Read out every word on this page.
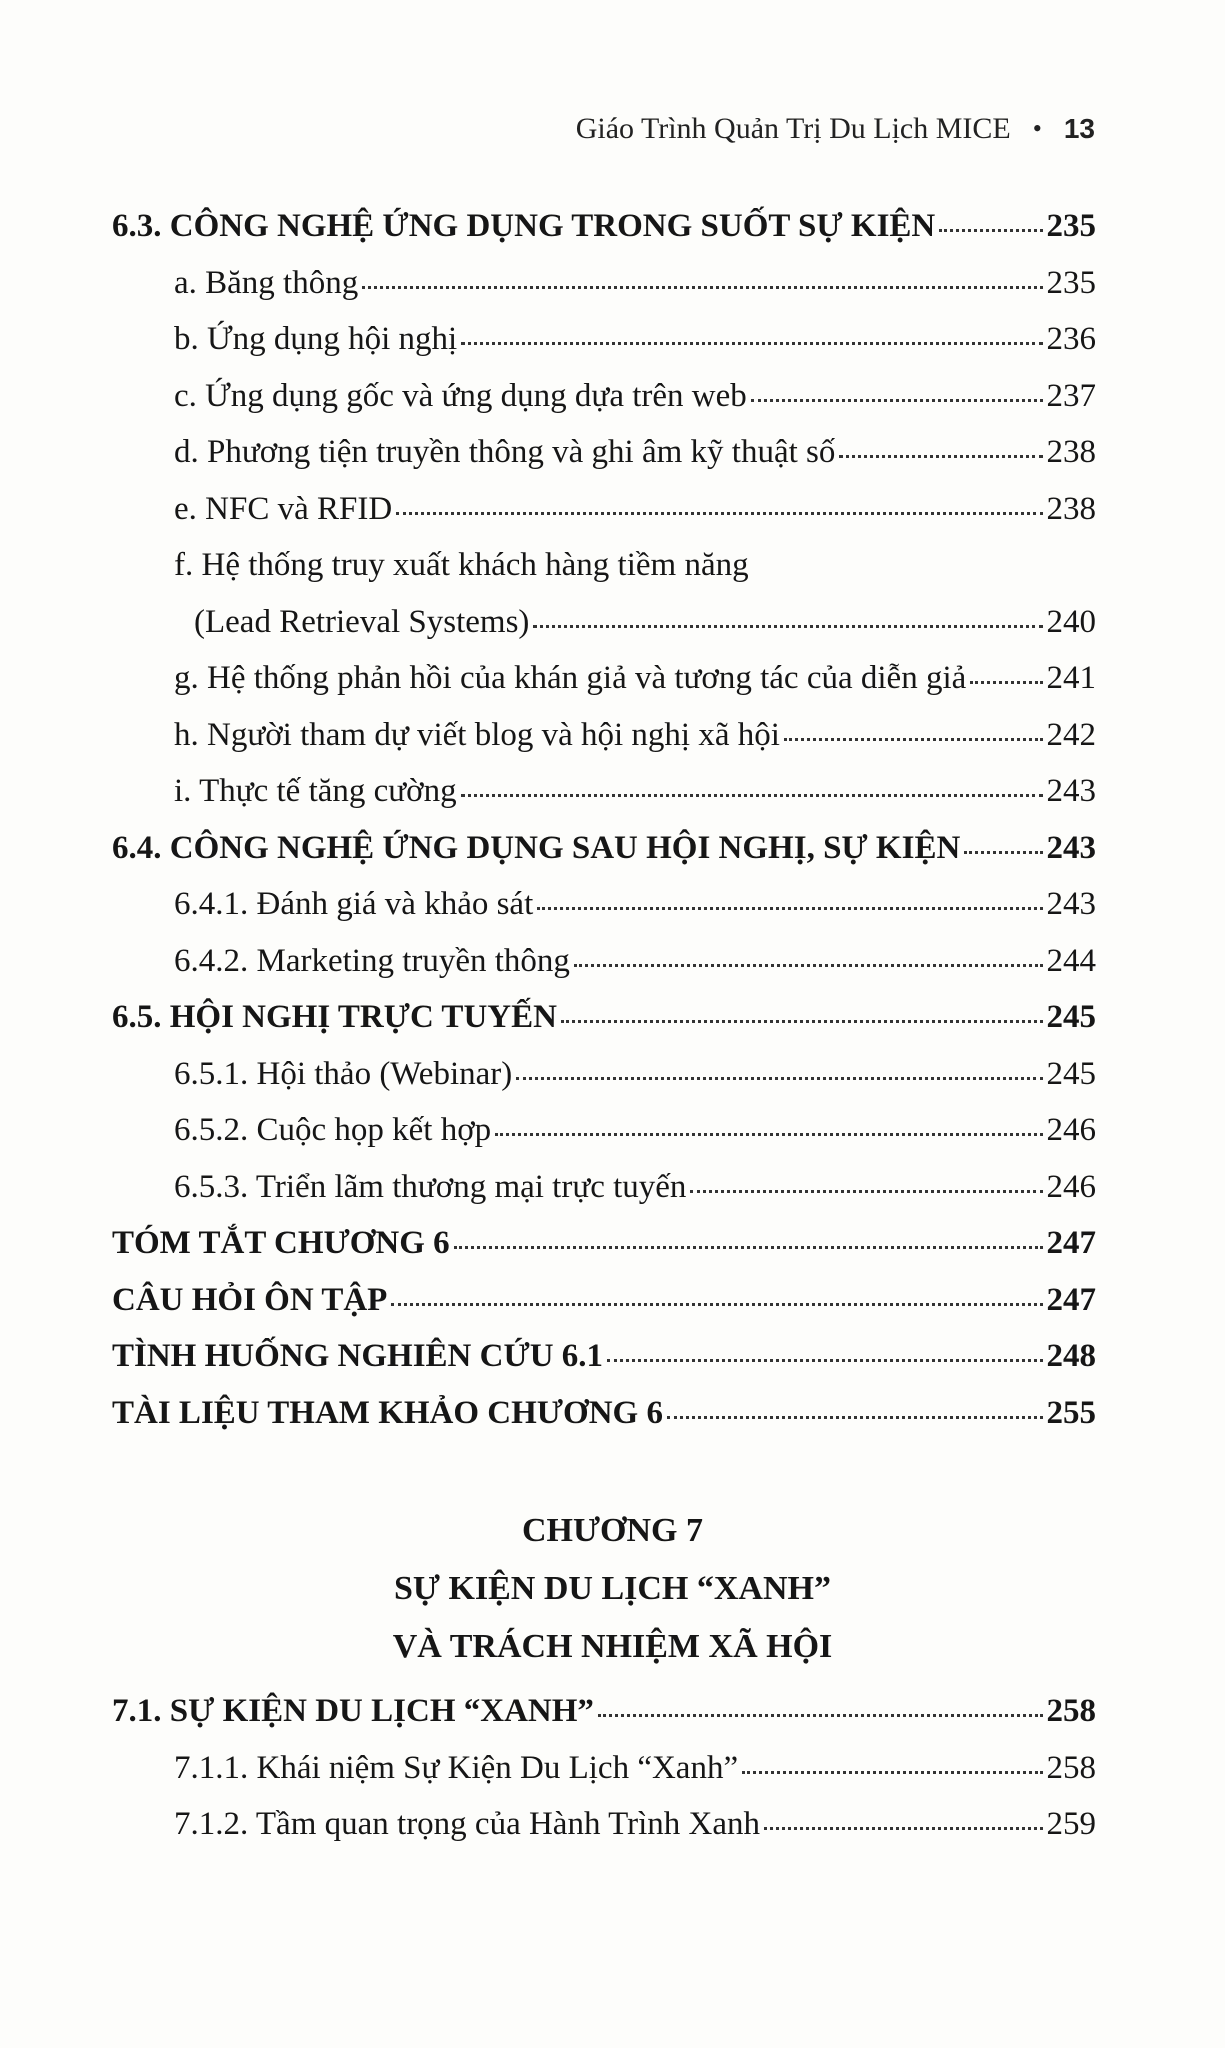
Giáo Trình Quản Trị Du Lịch MICE • 13
6.3. CÔNG NGHỆ ỨNG DỤNG TRONG SUỐT SỰ KIỆN	235
a. Băng thông	235
b. Ứng dụng hội nghị	236
c. Ứng dụng gốc và ứng dụng dựa trên web	237
d. Phương tiện truyền thông và ghi âm kỹ thuật số	238
e. NFC và RFID	238
f. Hệ thống truy xuất khách hàng tiềm năng
(Lead Retrieval Systems)	240
g. Hệ thống phản hồi của khán giả và tương tác của diễn giả 241
h. Người tham dự viết blog và hội nghị xã hội	242
i. Thực tế tăng cường	243
6.4. CÔNG NGHỆ ỨNG DỤNG SAU HỘI NGHỊ, SỰ KIỆN	243
6.4.1. Đánh giá và khảo sát	243
6.4.2. Marketing truyền thông	244
6.5. HỘI NGHỊ TRỰC TUYẾN	245
6.5.1. Hội thảo (Webinar)	245
6.5.2. Cuộc họp kết hợp	246
6.5.3. Triển lãm thương mại trực tuyến	246
TÓM TẮT CHƯƠNG 6	247
CÂU HỎI ÔN TẬP	247
TÌNH HUỐNG NGHIÊN CỨU 6.1	248
TÀI LIỆU THAM KHẢO CHƯƠNG 6	255
CHƯƠNG 7
SỰ KIỆN DU LỊCH “XANH”
VÀ TRÁCH NHIỆM XÃ HỘI
7.1. SỰ KIỆN DU LỊCH “XANH”	258
7.1.1. Khái niệm Sự Kiện Du Lịch “Xanh”	258
7.1.2. Tầm quan trọng của Hành Trình Xanh	259
